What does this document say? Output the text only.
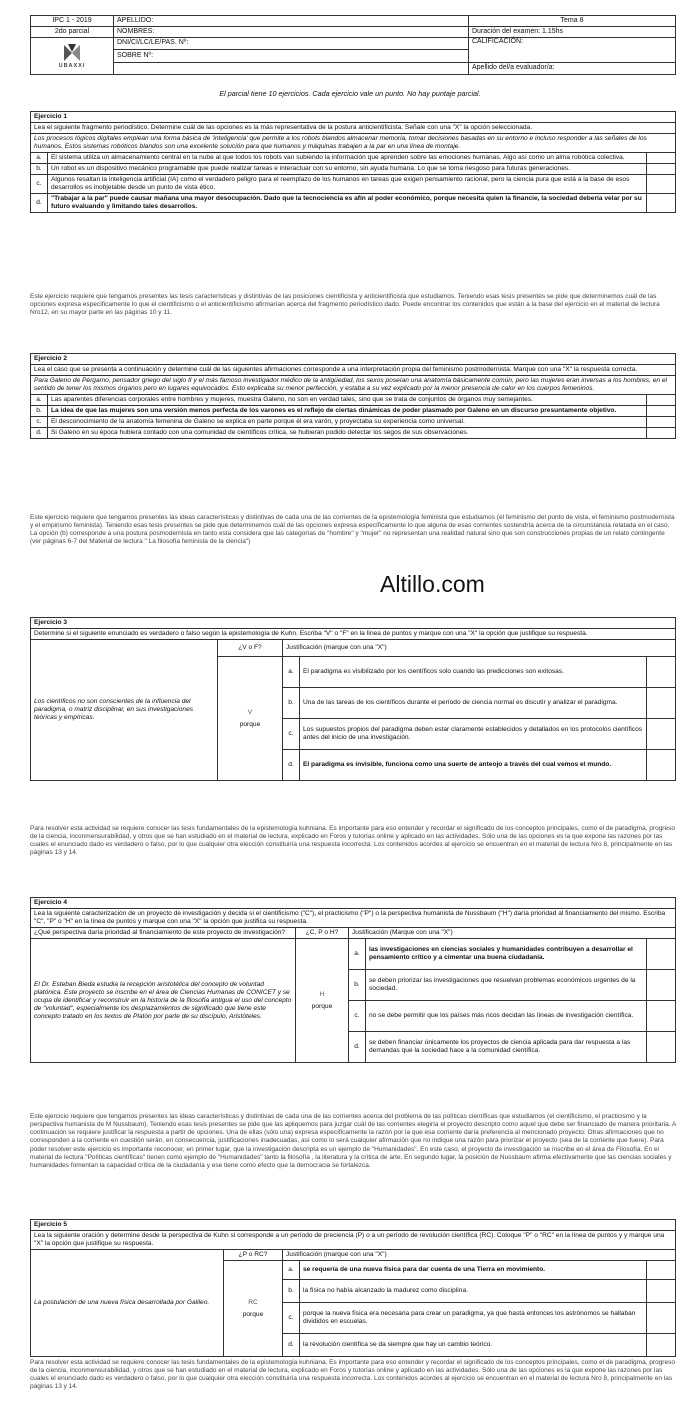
IPC 1 - 2019	APELLIDO:	Tema 8
2do parcial	NOMBRES:	Duración del examen: 1.15hs

UBAXXI	DNI/CI/LC/LE/PAS. Nº:	CALIFICACIÓN:
	SOBRE Nº:	
		Apellido del/a evaluador/a:
El parcial tiene 10 ejercicios. Cada ejercicio vale un punto. No hay puntaje parcial.
Ejercicio 1		
Lea el siguiente fragmento periodístico. Determine cuál de las opciones es la más representativa de la postura anticientificista. Señale con una "X" la opción seleccionada.		
Los procesos lógicos digitales emplean una forma básica de 'inteligencia' que permite a los robots blandos almacenar memoria, tomar decisiones basadas en su entorno e incluso responder a las señales de los humanos. Estos sistemas robóticos blandos son una excelente solución para que humanos y máquinas trabajen a la par en una línea de montaje.		
a.	El sistema utiliza un almacenamiento central en la nube al que todos los robots van subiendo la información que aprenden sobre las emociones humanas. Algo así como un alma robótica colectiva.	
b.	Un robot es un dispositivo mecánico programable que puede realizar tareas e interactuar con su entorno, sin ayuda humana. Lo que se toma riesgoso para futuras generaciones.	
c.	Algunos resaltan la inteligencia artificial (IA) como el verdadero peligro para el reemplazo de los humanos en tareas que exigen pensamiento racional, pero la ciencia pura que está a la base de esos desarrollos es inobjetable desde un punto de vista ético.	
d.	"Trabajar a la par" puede causar mañana una mayor desocupación. Dado que la tecnociencia es afín al poder económico, porque necesita quien la financie, la sociedad debería velar por su futuro evaluando y limitando tales desarrollos.	
Este ejercicio requiere que tengamos presentes las tesis características y distintivas de las posiciones cientificista y anticientificista que estudiamos. Teniendo esas tesis presentes se pide que determinemos cuál de las opciones expresa específicamente lo que el cientificismo o el anticientificismo afirmarían acerca del fragmento periodístico dado. Puede encontrar los contenidos que están a la base del ejercicio en el material de lectura Nro12, en su mayor parte en las páginas 10 y 11.
Ejercicio 2		
Lea el caso que se presenta a continuación y determine cuál de las siguientes afirmaciones corresponde a una interpretación propia del feminismo postmodernista. Marque con una "X" la respuesta correcta.		
Para Galeno de Pérgamo, pensador griego del siglo II y el más famoso investigador médico de la antigüedad, los sexos poseían una anatomía básicamente común, pero las mujeres eran inversas a los hombres, en el sentido de tener los mismos órganos pero en lugares equivocados. Esto explicaba su menor perfección, y estaba a su vez explicado por la menor presencia de calor en los cuerpos femeninos.		
a.	Las aparentes diferencias corporales entre hombres y mujeres, muestra Galeno, no son en verdad tales, sino que se trata de conjuntos de órganos muy semejantes.	
b.	La idea de que las mujeres son una versión menos perfecta de los varones es el reflejo de ciertas dinámicas de poder plasmado por Galeno en un discurso presuntamente objetivo.	
c.	El desconocimiento de la anatomía femenina de Galeno se explica en parte porque él era varón, y proyectaba su experiencia como universal.	
d.	Si Galeno en su época hubiera contado con una comunidad de científicos crítica, se hubieran podido detectar los segos de sus observaciones.	
Este ejercicio requiere que tengamos presentes las ideas características y distintivas de cada una de las corrientes de la epistemología feminista que estudiamos (el feminismo del punto de vista, el feminismo postmodernista y el empirismo feminista). Teniendo esas tesis presentes se pide que determinemos cuál de las opciones expresa específicamente lo que alguna de esas corrientes sostendría acerca de la circunstancia relatada en el caso. La opción (b) corresponde a una postura posmodernista en tanto esta considera que las categorías de "hombre" y "mujer" no representan una realidad natural sino que son construcciones propias de un relato contingente (ver páginas 6-7 del Material de lectura " La filosofía feminista de la ciencia")
Altillo.com
Ejercicio 3				
Determine si el siguiente enunciado es verdadero o falso según la epistemología de Kuhn. Escriba "V" o "F" en la línea de puntos y marque con una "X" la opción que justifique su respuesta.				
Los científicos no son conscientes de la influencia del paradigma, o matriz disciplinar, en sus investigaciones teóricas y empíricas.	¿V o F?	Justificación (marque con una "X")		

	V
porque	a.	El paradigma es visibilizado por los científicos solo cuando las predicciones son exitosas.	
		b.	Una de las tareas de los científicos durante el período de ciencia normal es discutir y analizar el paradigma.	
		c.	Los supuestos propios del paradigma deben estar claramente establecidos y detallados en los protocolos científicos antes del inicio de una investigación.	
		d.	El paradigma es invisible, funciona como una suerte de anteojo a través del cual vemos el mundo.	
Para resolver esta actividad se requiere conocer las tesis fundamentales de la epistemología kuhniana. Es importante para eso entender y recordar el significado de los conceptos principales, como el de paradigma, progreso de la ciencia, inconmensurabilidad, y otros que se han estudiado en el material de lectura, explicado en Foros y tutorías online y aplicado en las actividades. Sólo una de las opciones es la que expone las razones por las cuales el enunciado dado es verdadero o falso, por lo que cualquier otra elección constituiría una respuesta incorrecta. Los contenidos acordes al ejercicio se encuentran en el material de lectura Nro 8, principalmente en las páginas 13 y 14.
Ejercicio 4				
Lea la siguiente caracterización de un proyecto de investigación y decida si el cientificismo ("C"), el practicismo ("P") o la perspectiva humanista de Nussbaum ("H") daría prioridad al financiamiento del mismo. Escriba "C", "P" o "H" en la línea de puntos y marque con una "X" la opción que justifica su respuesta.				
¿Qué perspectiva daría prioridad al financiamiento de este proyecto de investigación?	¿C, P o H?	Justificación (Marque con una "X")		
El Dr. Esteban Bieda estudia la recepción aristotélica del concepto de voluntad platónica. Este proyecto se inscribe en el área de Ciencias Humanas de CONICET y se ocupa de identificar y reconstruir en la historia de la filosofía antigua el uso del concepto de "voluntad", especialmente los desplazamientos de significado que tiene este concepto tratado en los textos de Platón por parte de su discípulo, Aristóteles.	H
porque	a.	las investigaciones en ciencias sociales y humanidades contribuyen a desarrollar el pensamiento crítico y a cimentar una buena ciudadanía.	
		b.	se deben priorizar las investigaciones que resuelvan problemas económicos urgentes de la sociedad.	
		c.	no se debe permitir que los países más ricos decidan las líneas de investigación científica.	
		d.	se deben financiar únicamente los proyectos de ciencia aplicada para dar respuesta a las demandas que la sociedad hace a la comunidad científica.	
Este ejercicio requiere que tengamos presentes las ideas características y distintivas de cada una de las corrientes acerca del problema de las políticas científicas que estudiamos (el cientificismo, el practicismo y la perspectiva humanista de M Nussbaum). Teniendo esas tesis presentes se pide que las apliquemos para juzgar cuál de las corrientes elegiría el proyecto descripto como aquel que debe ser financiado de manera prioritaria. A continuación se requiere justificar la respuesta a partir de opciones. Una de ellas (sólo una) expresa específicamente la razón por la que esa corriente daría preferencia al mencionado proyecto. Otras afirmaciones que no corresponden a la corriente en cuestión serán, en consecuencia, justificaciones inadecuadas, así como lo será cualquier afirmación que no indique una razón para priorizar el proyecto (sea de la corriente que fuere). Para poder resolver este ejercicio es importante reconocer, en primer lugar, que la investigación descripta es un ejemplo de "Humanidades". En este caso, el proyecto de investigación se inscribe en el área de Filosofía. En el material de lectura "Políticas científicas" tienen como ejemplo de "Humanidades" tanto la filosofía , la literatura y la crítica de arte. En segundo lugar, la posición de Nussbaum afirma efectivamente que las ciencias sociales y humanidades fomentan la capacidad crítica de la ciudadanía y ese tiene como efecto que la democracia se fortalezca.
Ejercicio 5				
Lea la siguiente oración y determine desde la perspectiva de Kuhn si corresponde a un período de preciencia (P) o a un período de revolución científica (RC). Coloque "P" o "RC" en la línea de puntos y y marque una "X" la opción que justifique su respuesta.				
La postulación de una nueva física desarrollada por Galileo.	¿P o RC?	Justificación (marque con una "X")		

	RC
porque	a.	se requería de una nueva física para dar cuenta de una Tierra en movimiento.	
		b.	la física no había alcanzado la madurez como disciplina.	
		c.	porque la nueva física era necesaria para crear un paradigma, ya que hasta entonces los astrónomos se hallaban divididos en escuelas.	
		d.	la revolución científica se da siempre que hay un cambio teórico.	
Para resolver esta actividad se requiere conocer las tesis fundamentales de la epistemología kuhniana. Es importante para eso entender y recordar el significado de los conceptos principales, como el de paradigma, progreso de la ciencia, inconmensurabilidad, y otros que se han estudiado en el material de lectura, explicado en Foros y tutorías online y aplicado en las actividades. Sólo una de las opciones es la que expone las razones por las cuales el enunciado dado es verdadero o falso, por lo que cualquier otra elección constituiría una respuesta incorrecta. Los contenidos acordes al ejercicio se encuentran en el material de lectura Nro 8, principalmente en las páginas 13 y 14.
